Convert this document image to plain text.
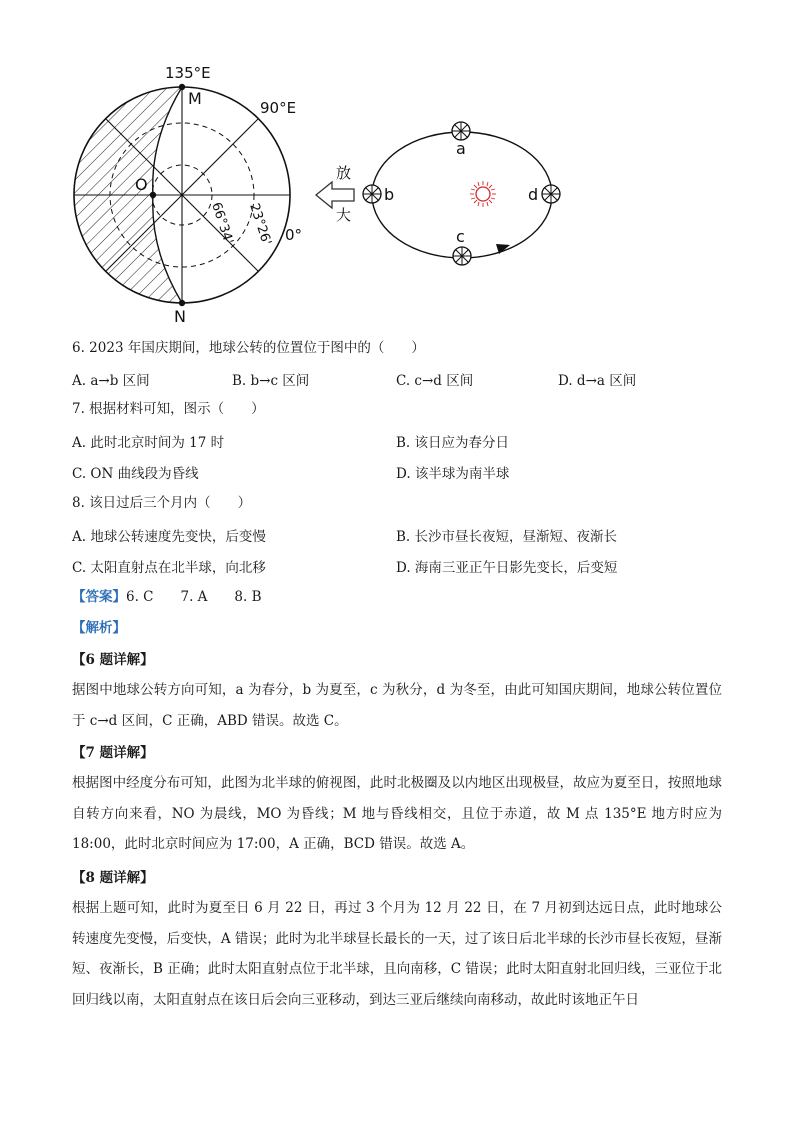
135°E
M	90°E
O
0°
N
66°34' 23°26'
放
大
a
b
c
d
6. 2023 年国庆期间，地球公转的位置位于图中的（　　）
A. a→b 区间	B. b→c 区间	C. c→d 区间	D. d→a 区间
7. 根据材料可知，图示（　　）
A. 此时北京时间为 17 时	B. 该日应为春分日
C. ON 曲线段为昏线	D. 该半球为南半球
8. 该日过后三个月内（　　）
A. 地球公转速度先变快，后变慢	B. 长沙市昼长夜短，昼渐短、夜渐长
C. 太阳直射点在北半球，向北移	D. 海南三亚正午日影先变长，后变短
【答案】6. C　　7. A　　8. B
【解析】
【6 题详解】
据图中地球公转方向可知，a 为春分，b 为夏至，c 为秋分，d 为冬至，由此可知国庆期间，地球公转位置位于 c→d 区间，C 正确，ABD 错误。故选 C。
【7 题详解】
根据图中经度分布可知，此图为北半球的俯视图，此时北极圈及以内地区出现极昼，故应为夏至日，按照地球自转方向来看，NO 为晨线，MO 为昏线；M 地与昏线相交，且位于赤道，故 M 点 135°E 地方时应为 18:00，此时北京时间应为 17:00，A 正确，BCD 错误。故选 A。
【8 题详解】
根据上题可知，此时为夏至日 6 月 22 日，再过 3 个月为 12 月 22 日，在 7 月初到达远日点，此时地球公转速度先变慢，后变快，A 错误；此时为北半球昼长最长的一天，过了该日后北半球的长沙市昼长夜短，昼渐短、夜渐长，B 正确；此时太阳直射点位于北半球，且向南移，C 错误；此时太阳直射北回归线，三亚位于北回归线以南，太阳直射点在该日后会向三亚移动，到达三亚后继续向南移动，故此时该地正午日
